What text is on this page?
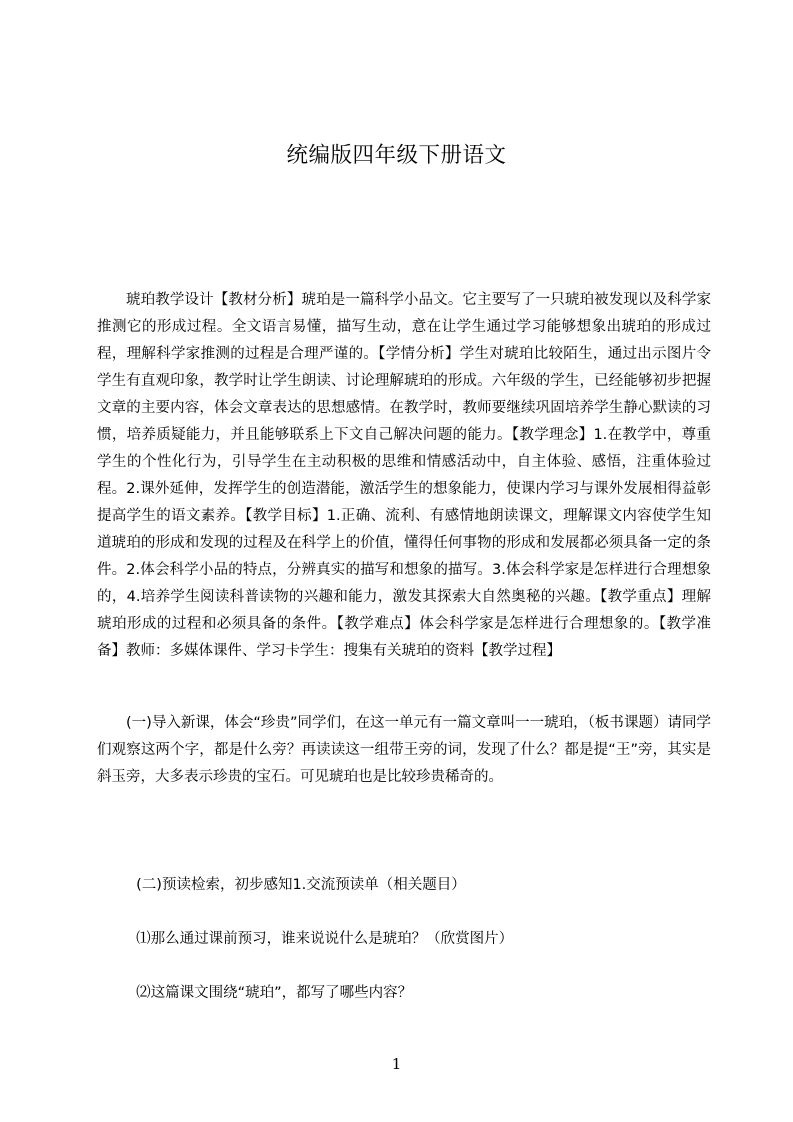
统编版四年级下册语文

琥珀教学设计【教材分析】琥珀是一篇科学小品文。它主要写了一只琥珀被发现以及科学家推测它的形成过程。全文语言易懂，描写生动，意在让学生通过学习能够想象出琥珀的形成过程，理解科学家推测的过程是合理严谨的。【学情分析】学生对琥珀比较陌生，通过出示图片令学生有直观印象，教学时让学生朗读、讨论理解琥珀的形成。六年级的学生，已经能够初步把握文章的主要内容，体会文章表达的思想感情。在教学时，教师要继续巩固培养学生静心默读的习惯，培养质疑能力，并且能够联系上下文自己解决问题的能力。【教学理念】1.在教学中，尊重学生的个性化行为，引导学生在主动积极的思维和情感活动中，自主体验、感悟，注重体验过程。2.课外延伸，发挥学生的创造潜能，激活学生的想象能力，使课内学习与课外发展相得益彰提高学生的语文素养。【教学目标】1.正确、流利、有感情地朗读课文，理解课文内容使学生知道琥珀的形成和发现的过程及在科学上的价值，懂得任何事物的形成和发展都必须具备一定的条件。2.体会科学小品的特点，分辨真实的描写和想象的描写。3.体会科学家是怎样进行合理想象的，4.培养学生阅读科普读物的兴趣和能力，激发其探索大自然奥秘的兴趣。【教学重点】理解琥珀形成的过程和必须具备的条件。【教学难点】体会科学家是怎样进行合理想象的。【教学准备】教师：多媒体课件、学习卡学生：搜集有关琥珀的资料【教学过程】

(一)导入新课，体会“珍贵”同学们，在这一单元有一篇文章叫一一琥珀，（板书课题）请同学们观察这两个字，都是什么旁？再读读这一组带王旁的词，发现了什么？都是提“王”旁，其实是斜玉旁，大多表示珍贵的宝石。可见琥珀也是比较珍贵稀奇的。

(二)预读检索，初步感知1.交流预读单（相关题目）

⑴那么通过课前预习，谁来说说什么是琥珀？（欣赏图片）

⑵这篇课文围绕“琥珀”，都写了哪些内容？

1
